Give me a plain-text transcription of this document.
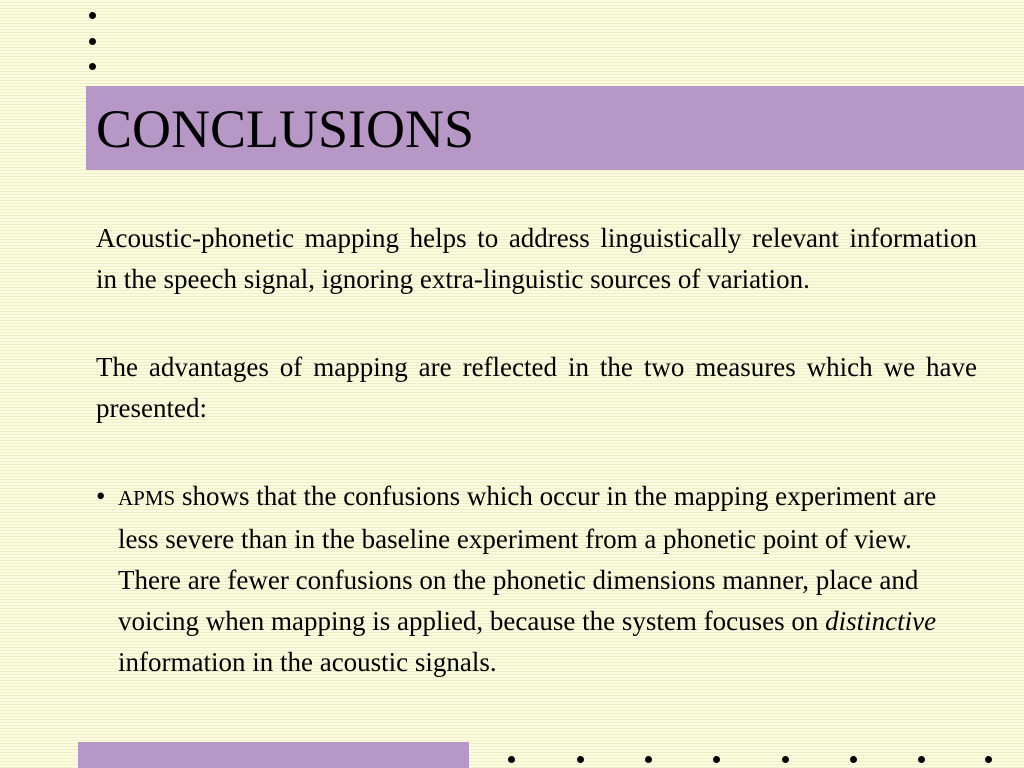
CONCLUSIONS

Acoustic-phonetic mapping helps to address linguistically relevant information in the speech signal, ignoring extra-linguistic sources of variation.

The advantages of mapping are reflected in the two measures which we have presented:

• APMS shows that the confusions which occur in the mapping experiment are less severe than in the baseline experiment from a phonetic point of view. There are fewer confusions on the phonetic dimensions manner, place and voicing when mapping is applied, because the system focuses on distinctive information in the acoustic signals.
